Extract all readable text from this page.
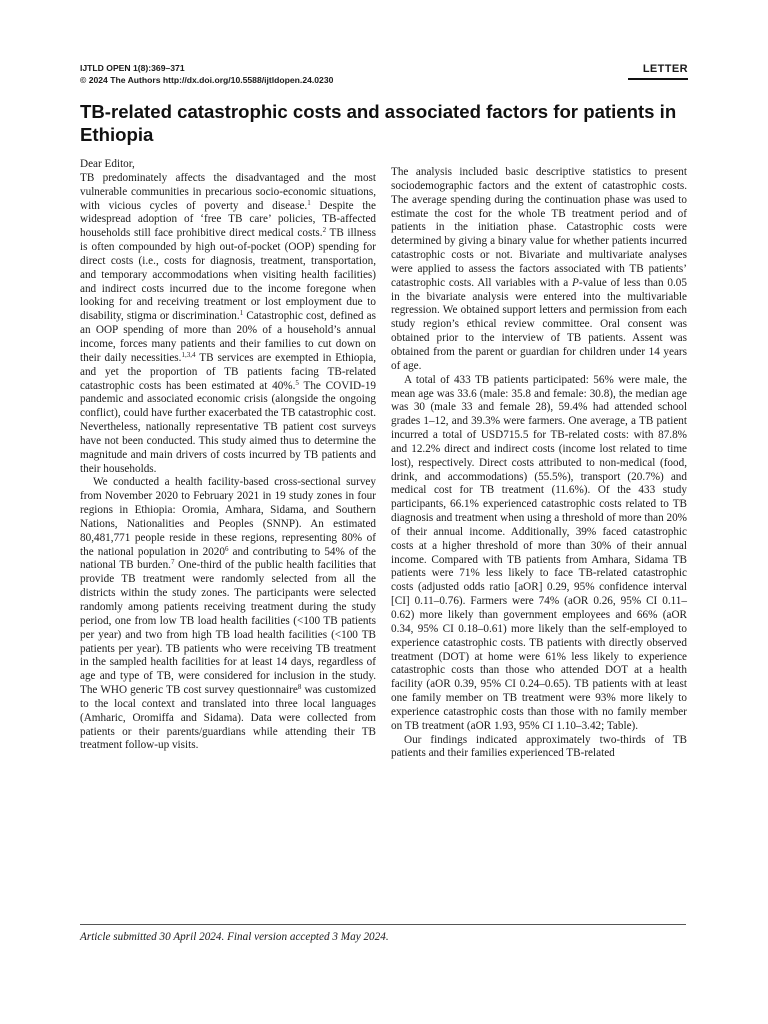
IJTLD OPEN 1(8):369–371
© 2024 The Authors http://dx.doi.org/10.5588/ijtldopen.24.0230
LETTER
TB-related catastrophic costs and associated factors for patients in Ethiopia

Dear Editor,

TB predominately affects the disadvantaged and the most vulnerable communities in precarious socio-economic situations, with vicious cycles of poverty and disease.$^1$ Despite the widespread adoption of ‘free TB care’ policies, TB-affected households still face prohibitive direct medical costs.$^2$ TB illness is often compounded by high out-of-pocket (OOP) spending for direct costs (i.e., costs for diagnosis, treatment, transportation, and temporary accommodations when visiting health facilities) and indirect costs incurred due to the income foregone when looking for and receiving treatment or lost employment due to disability, stigma or discrimination.$^1$ Catastrophic cost, defined as an OOP spending of more than 20% of a household’s annual income, forces many patients and their families to cut down on their daily necessities.$^{1,3,4}$ TB services are exempted in Ethiopia, and yet the proportion of TB patients facing TB-related catastrophic costs has been estimated at 40%.$^5$ The COVID-19 pandemic and associated economic crisis (alongside the ongoing conflict), could have further exacerbated the TB catastrophic cost. Nevertheless, nationally representative TB patient cost surveys have not been conducted. This study aimed thus to determine the magnitude and main drivers of costs incurred by TB patients and their households.

We conducted a health facility-based cross-sectional survey from November 2020 to February 2021 in 19 study zones in four regions in Ethiopia: Oromia, Amhara, Sidama, and Southern Nations, Nationalities and Peoples (SNNP). An estimated 80,481,771 people reside in these regions, representing 80% of the national population in 2020$^6$ and contributing to 54% of the national TB burden.$^7$ One-third of the public health facilities that provide TB treatment were randomly selected from all the districts within the study zones. The participants were selected randomly among patients receiving treatment during the study period, one from low TB load health facilities (<100 TB patients per year) and two from high TB load health facilities (<100 TB patients per year). TB patients who were receiving TB treatment in the sampled health facilities for at least 14 days, regardless of age and type of TB, were considered for inclusion in the study. The WHO generic TB cost survey questionnaire$^8$ was customized to the local context and translated into three local languages (Amharic, Oromiffa and Sidama). Data were collected from patients or their parents/guardians while attending their TB treatment follow-up visits.

The analysis included basic descriptive statistics to present sociodemographic factors and the extent of catastrophic costs. The average spending during the continuation phase was used to estimate the cost for the whole TB treatment period and of patients in the initiation phase. Catastrophic costs were determined by giving a binary value for whether patients incurred catastrophic costs or not. Bivariate and multivariate analyses were applied to assess the factors associated with TB patients’ catastrophic costs. All variables with a P-value of less than 0.05 in the bivariate analysis were entered into the multivariable regression. We obtained support letters and permission from each study region’s ethical review committee. Oral consent was obtained prior to the interview of TB patients. Assent was obtained from the parent or guardian for children under 14 years of age.

A total of 433 TB patients participated: 56% were male, the mean age was 33.6 (male: 35.8 and female: 30.8), the median age was 30 (male 33 and female 28), 59.4% had attended school grades 1–12, and 39.3% were farmers. One average, a TB patient incurred a total of USD715.5 for TB-related costs: with 87.8% and 12.2% direct and indirect costs (income lost related to time lost), respectively. Direct costs attributed to non-medical (food, drink, and accommodations) (55.5%), transport (20.7%) and medical cost for TB treatment (11.6%). Of the 433 study participants, 66.1% experienced catastrophic costs related to TB diagnosis and treatment when using a threshold of more than 20% of their annual income. Additionally, 39% faced catastrophic costs at a higher threshold of more than 30% of their annual income. Compared with TB patients from Amhara, Sidama TB patients were 71% less likely to face TB-related catastrophic costs (adjusted odds ratio [aOR] 0.29, 95% confidence interval [CI] 0.11–0.76). Farmers were 74% (aOR 0.26, 95% CI 0.11–0.62) more likely than government employees and 66% (aOR 0.34, 95% CI 0.18–0.61) more likely than the self-employed to experience catastrophic costs. TB patients with directly observed treatment (DOT) at home were 61% less likely to experience catastrophic costs than those who attended DOT at a health facility (aOR 0.39, 95% CI 0.24–0.65). TB patients with at least one family member on TB treatment were 93% more likely to experience catastrophic costs than those with no family member on TB treatment (aOR 1.93, 95% CI 1.10–3.42; Table).

Our findings indicated approximately two-thirds of TB patients and their families experienced TB-related

Article submitted 30 April 2024. Final version accepted 3 May 2024.
